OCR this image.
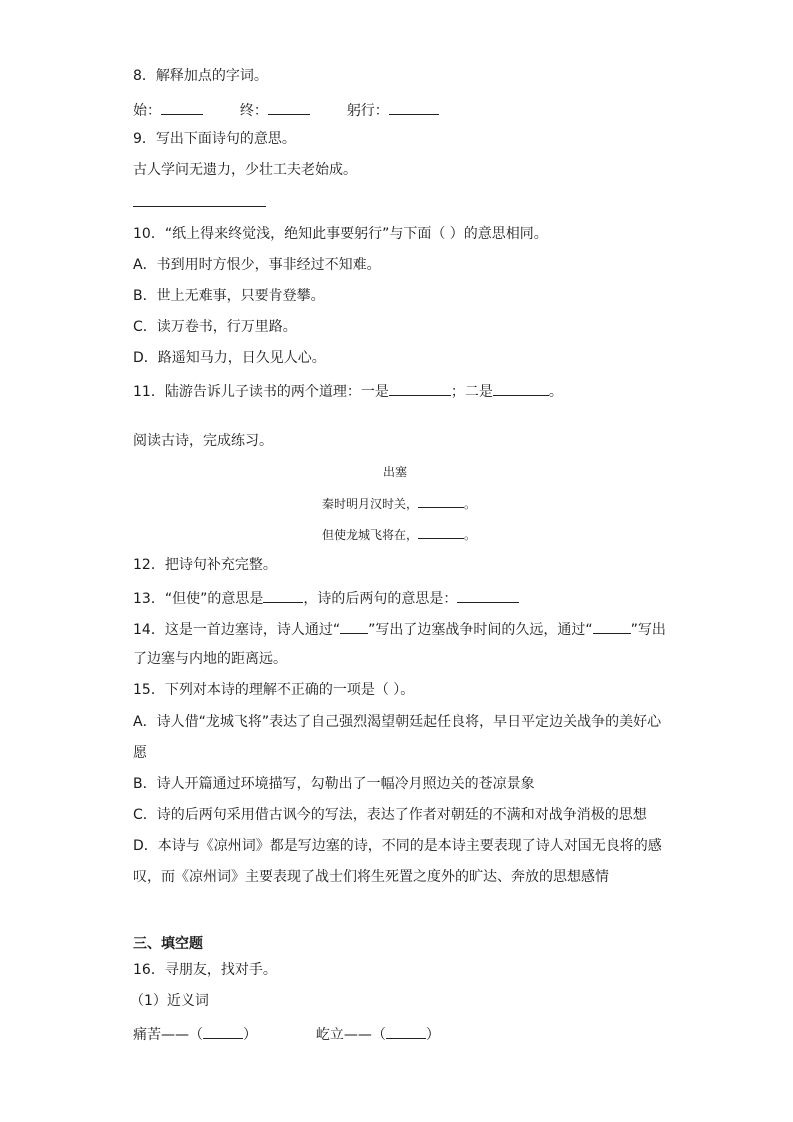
8．解释加点的字词。
始：	终：	躬行：
9．写出下面诗句的意思。
古人学问无遗力，少壮工夫老始成。
10．“纸上得来终觉浅，绝知此事要躬行”与下面（ ）的意思相同。
A．书到用时方恨少，事非经过不知难。
B．世上无难事，只要肯登攀。
C．读万卷书，行万里路。
D．路遥知马力，日久见人心。
11．陆游告诉儿子读书的两个道理：一是	；二是	。
阅读古诗，完成练习。
出塞
秦时明月汉时关，	。
但使龙城飞将在，	。
12．把诗句补充完整。
13．“但使”的意思是	，诗的后两句的意思是：
14．这是一首边塞诗，诗人通过“ ”写出了边塞战争时间的久远，通过“	”写出
了边塞与内地的距离远。
15．下列对本诗的理解不正确的一项是（ ）。
A．诗人借“龙城飞将”表达了自己强烈渴望朝廷起任良将，早日平定边关战争的美好心
愿
B．诗人开篇通过环境描写，勾勒出了一幅冷月照边关的苍凉景象
C．诗的后两句采用借古讽今的写法，表达了作者对朝廷的不满和对战争消极的思想
D．本诗与《凉州词》都是写边塞的诗，不同的是本诗主要表现了诗人对国无良将的感
叹，而《凉州词》主要表现了战士们将生死置之度外的旷达、奔放的思想感情
三、填空题
16．寻朋友，找对手。
（1）近义词
痛苦——（	）	屹立——（	）
